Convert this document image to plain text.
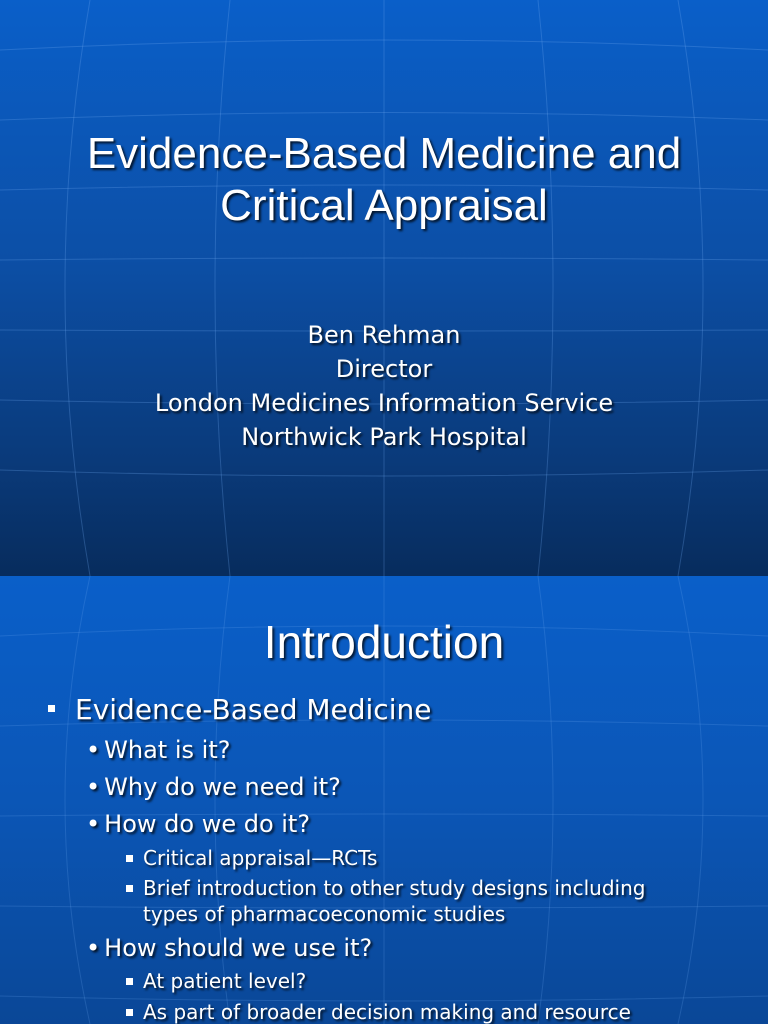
Evidence-Based Medicine and
Critical Appraisal
Ben Rehman
Director
London Medicines Information Service
Northwick Park Hospital
Introduction
Evidence-Based Medicine
• What is it?
• Why do we need it?
• How do we do it?
Critical appraisal—RCTs
Brief introduction to other study designs including types of pharmacoeconomic studies
• How should we use it?
At patient level?
As part of broader decision making and resource
